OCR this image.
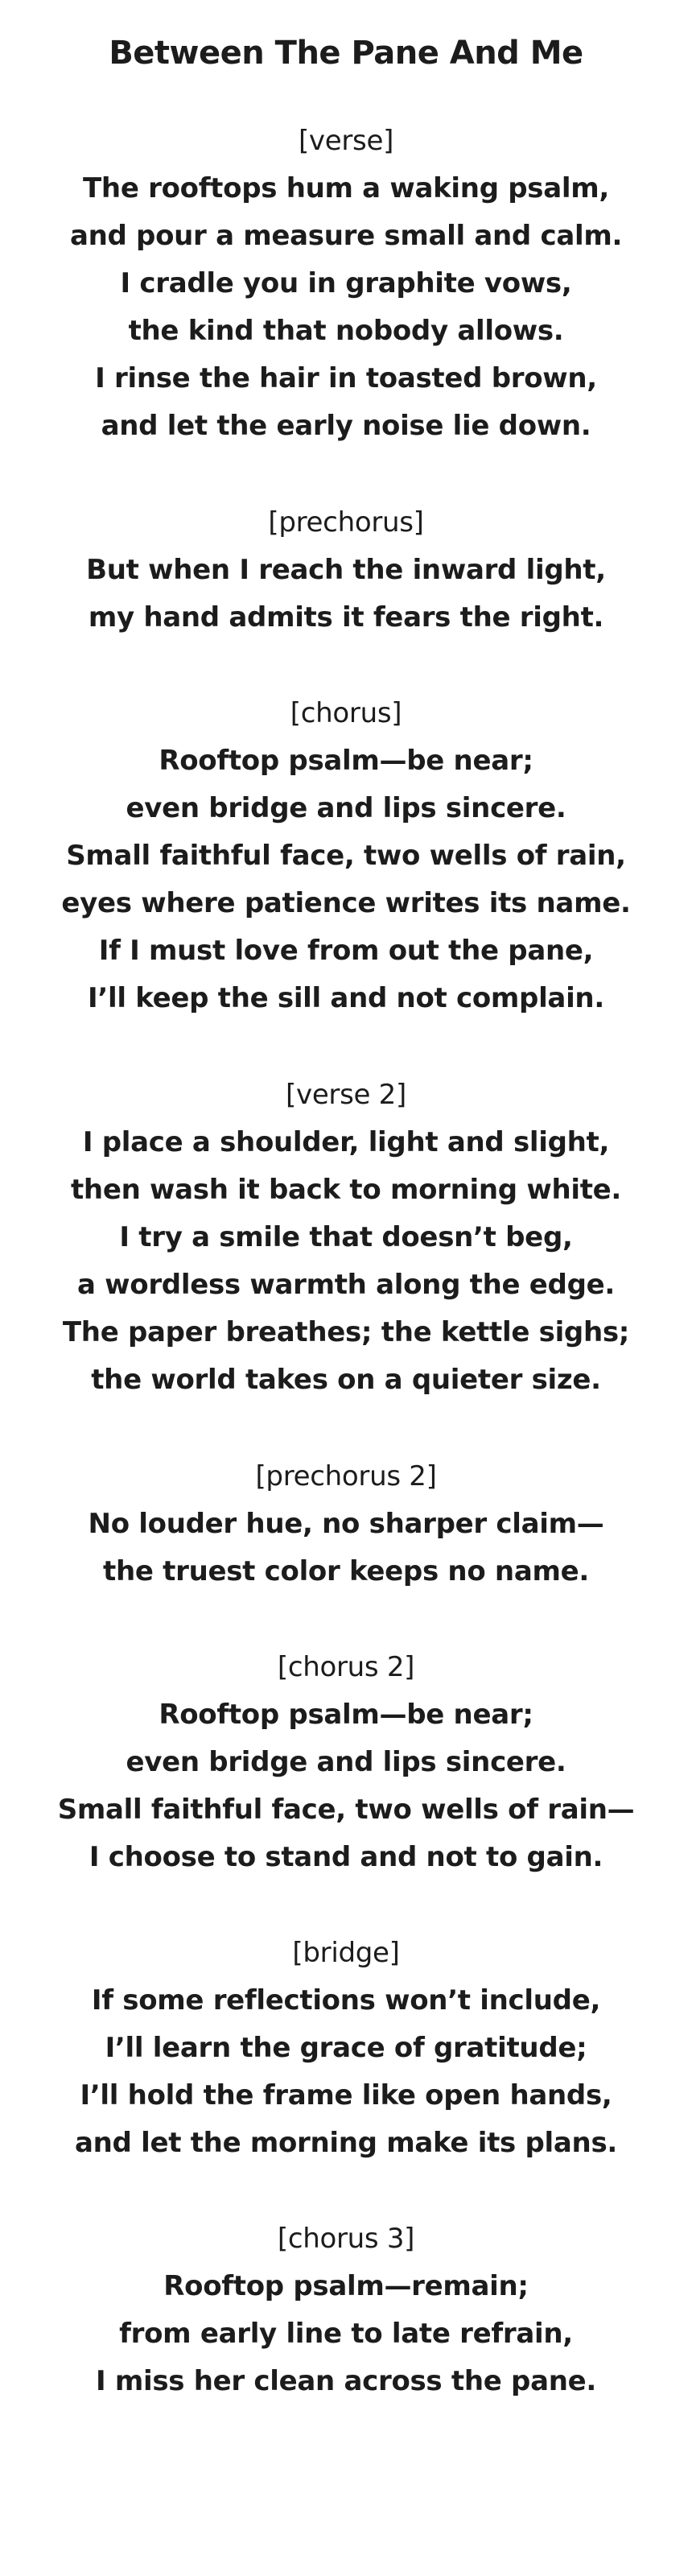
Between The Pane And Me
[verse]
The rooftops hum a waking psalm,
and pour a measure small and calm.
I cradle you in graphite vows,
the kind that nobody allows.
I rinse the hair in toasted brown,
and let the early noise lie down.
[prechorus]
But when I reach the inward light,
my hand admits it fears the right.
[chorus]
Rooftop psalm—be near;
even bridge and lips sincere.
Small faithful face, two wells of rain,
eyes where patience writes its name.
If I must love from out the pane,
I’ll keep the sill and not complain.
[verse 2]
I place a shoulder, light and slight,
then wash it back to morning white.
I try a smile that doesn’t beg,
a wordless warmth along the edge.
The paper breathes; the kettle sighs;
the world takes on a quieter size.
[prechorus 2]
No louder hue, no sharper claim—
the truest color keeps no name.
[chorus 2]
Rooftop psalm—be near;
even bridge and lips sincere.
Small faithful face, two wells of rain—
I choose to stand and not to gain.
[bridge]
If some reflections won’t include,
I’ll learn the grace of gratitude;
I’ll hold the frame like open hands,
and let the morning make its plans.
[chorus 3]
Rooftop psalm—remain;
from early line to late refrain,
I miss her clean across the pane.
